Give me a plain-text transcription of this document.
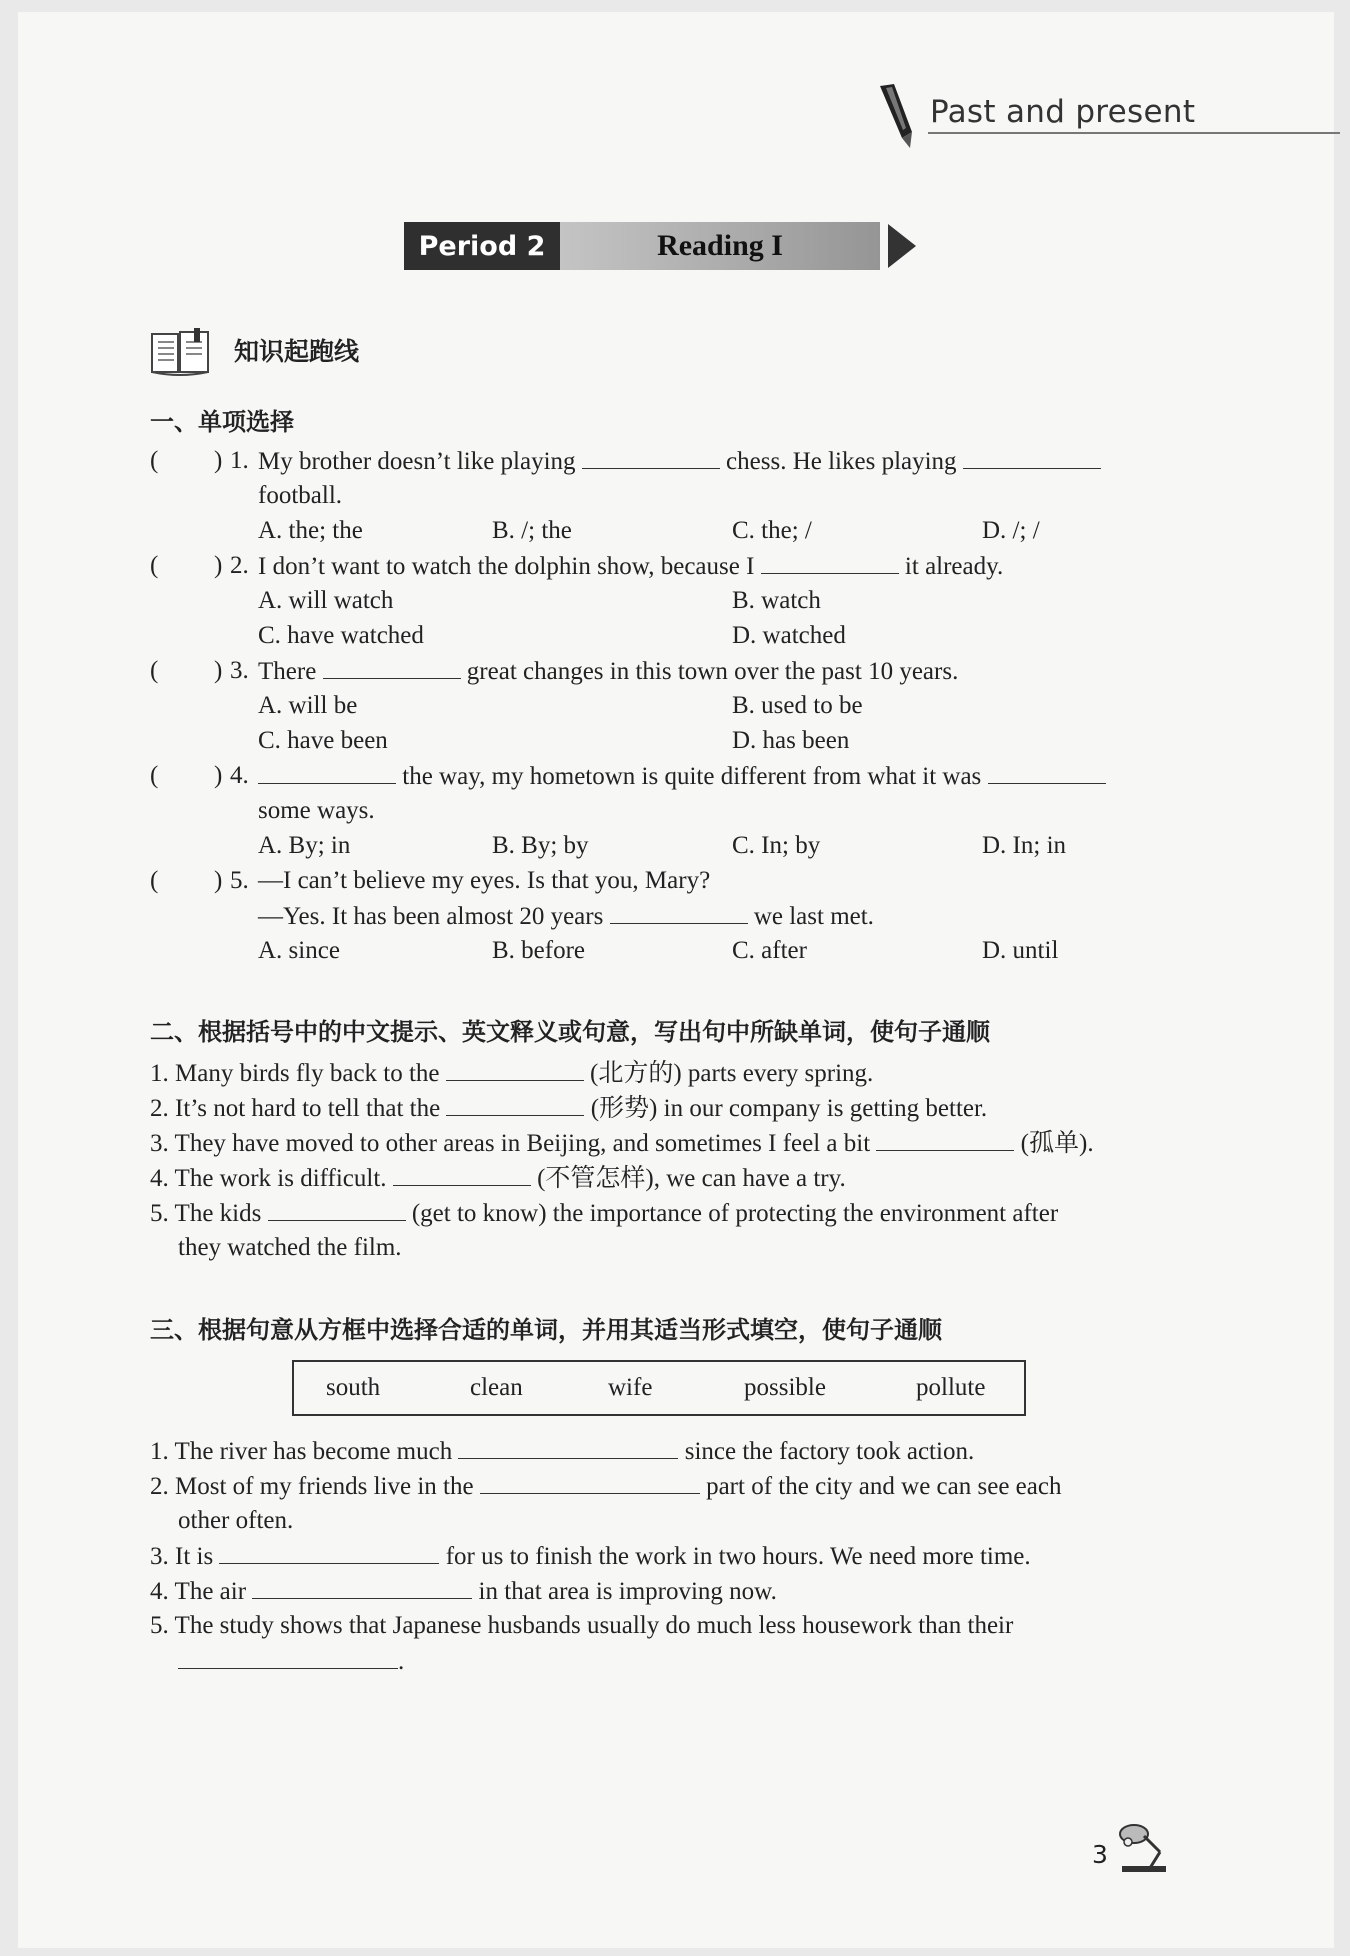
Past and present
Period 2	Reading I
知识起跑线
一、单项选择
( ) 1. My brother doesn’t like playing	chess. He likes playing
football.
A. the; the	B. /; the	C. the; /	D. /; /
( ) 2. I don’t want to watch the dolphin show, because I	it already.
A. will watch	B. watch
C. have watched	D. watched
( ) 3. There	great changes in this town over the past 10 years.
A. will be	B. used to be
C. have been	D. has been
( ) 4.	the way, my hometown is quite different from what it was
some ways.
A. By; in	B. By; by	C. In; by	D. In; in
( ) 5. —I can’t believe my eyes. Is that you, Mary?
—Yes. It has been almost 20 years	we last met.
A. since	B. before	C. after	D. until
二、根据括号中的中文提示、英文释义或句意，写出句中所缺单词，使句子通顺
1. Many birds fly back to the	(北方的) parts every spring.
2. It’s not hard to tell that the	(形势) in our company is getting better.
3. They have moved to other areas in Beijing, and sometimes I feel a bit	(孤单).
4. The work is difficult.	(不管怎样), we can have a try.
5. The kids	(get to know) the importance of protecting the environment after
they watched the film.
三、根据句意从方框中选择合适的单词，并用其适当形式填空，使句子通顺
south	clean	wife	possible	pollute
1. The river has become much	since the factory took action.
2. Most of my friends live in the	part of the city and we can see each
other often.
3. It is	for us to finish the work in two hours. We need more time.
4. The air	in that area is improving now.
5. The study shows that Japanese husbands usually do much less housework than their
.
3
